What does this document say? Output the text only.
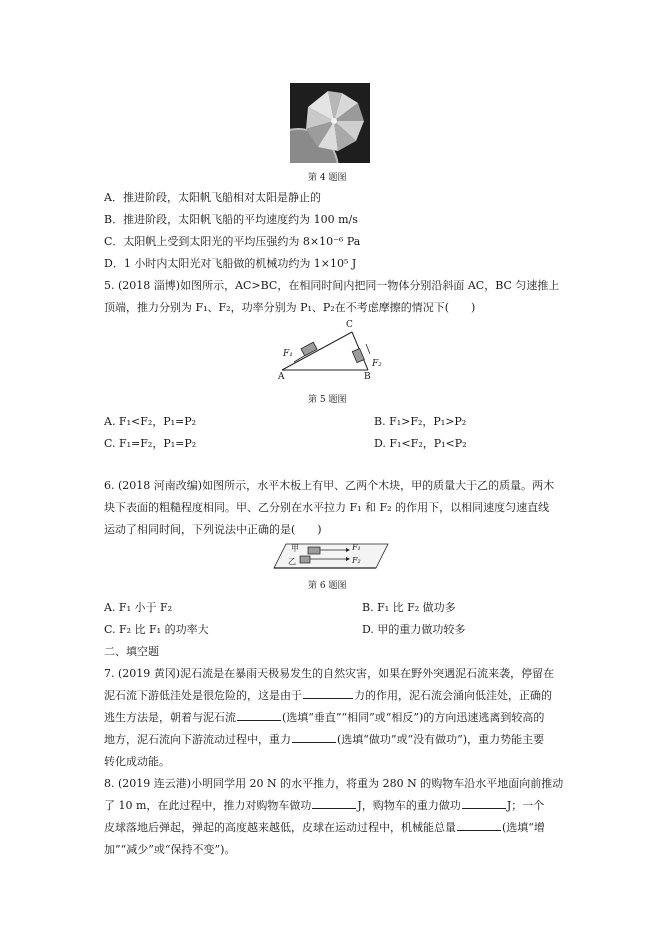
第 4 题图
A．推进阶段，太阳帆飞船相对太阳是静止的
B．推进阶段，太阳帆飞船的平均速度约为 100 m/s
C．太阳帆上受到太阳光的平均压强约为 8×10⁻⁶ Pa
D．1 小时内太阳光对飞船做的机械功约为 1×10⁵ J
5. (2018 淄博)如图所示，AC>BC，在相同时间内把同一物体分别沿斜面 AC，BC 匀速推上
顶端，推力分别为 F₁、F₂，功率分别为 P₁、P₂在不考虑摩擦的情况下(　　)
F₁
F₂
C
A	B
第 5 题图
A. F₁<F₂，P₁=P₂	B. F₁>F₂，P₁>P₂
C. F₁=F₂，P₁=P₂	D. F₁<F₂，P₁<P₂
6. (2018 河南改编)如图所示，水平木板上有甲、乙两个木块，甲的质量大于乙的质量。两木
块下表面的粗糙程度相同。甲、乙分别在水平拉力 F₁ 和 F₂ 的作用下，以相同速度匀速直线
运动了相同时间，下列说法中正确的是(　　)
甲
乙
F₁
F₂
第 6 题图
A. F₁ 小于 F₂	B. F₁ 比 F₂ 做功多
C. F₂ 比 F₁ 的功率大	D. 甲的重力做功较多
二、填空题
7. (2019 黄冈)泥石流是在暴雨天极易发生的自然灾害，如果在野外突遇泥石流来袭，停留在
泥石流下游低洼处是很危险的，这是由于	力的作用，泥石流会涌向低洼处，正确的
逃生方法是，朝着与泥石流	(选填“垂直”“相同”或“相反”)的方向迅速逃离到较高的
地方，泥石流向下游流动过程中，重力	(选填“做功”或“没有做功”)，重力势能主要
转化成动能。
8. (2019 连云港)小明同学用 20 N 的水平推力，将重为 280 N 的购物车沿水平地面向前推动
了 10 m，在此过程中，推力对购物车做功	J，购物车的重力做功	J；一个
皮球落地后弹起，弹起的高度越来越低，皮球在运动过程中，机械能总量	(选填“增
加”“减少”或“保持不变”)。
